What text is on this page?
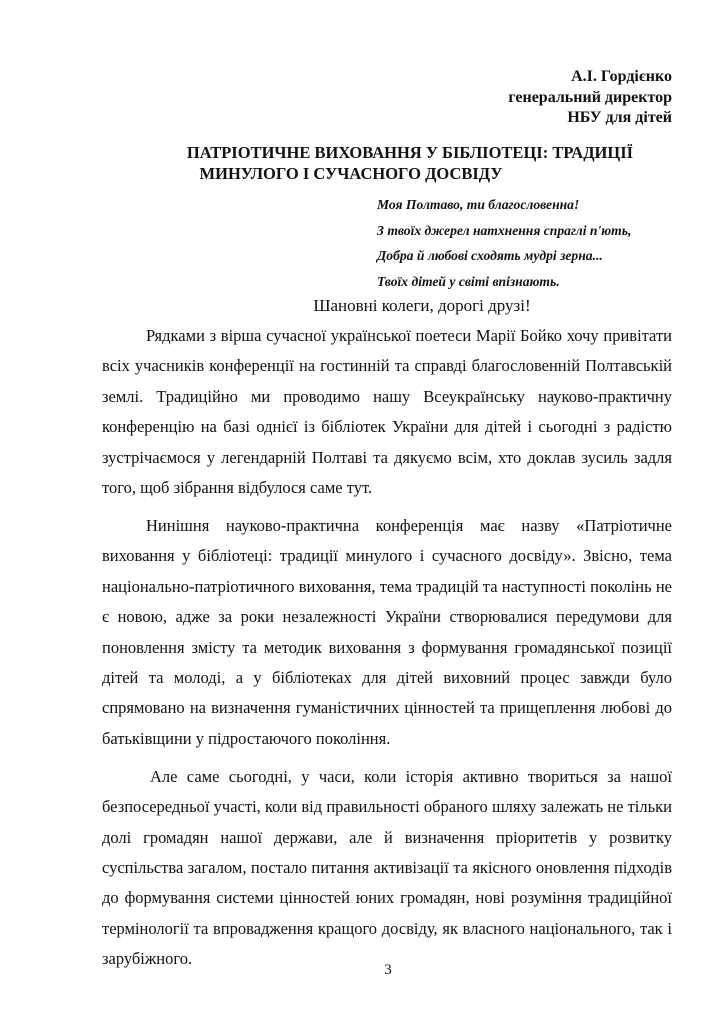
А.І. Гордієнко
генеральний директор
НБУ для дітей
ПАТРІОТИЧНЕ ВИХОВАННЯ У БІБЛІОТЕЦІ: ТРАДИЦІЇ
МИНУЛОГО І СУЧАСНОГО ДОСВІДУ
Моя Полтаво, ти благословенна!
З твоїх джерел натхнення спраглі п'ють,
Добра й любові сходять мудрі зерна...
Твоїх дітей у світі впізнають.
Шановні колеги, дорогі друзі!

Рядками з вірша сучасної української поетеси Марії Бойко хочу привітати всіх учасників конференції на гостинній та справді благословенній Полтавській землі. Традиційно ми проводимо нашу Всеукраїнську науково-практичну конференцію на базі однієї із бібліотек України для дітей і сьогодні з радістю зустрічаємося у легендарній Полтаві та дякуємо всім, хто доклав зусиль задля того, щоб зібрання відбулося саме тут.

Нинішня науково-практична конференція має назву «Патріотичне виховання у бібліотеці: традиції минулого і сучасного досвіду». Звісно, тема національно-патріотичного виховання, тема традицій та наступності поколінь не є новою, адже за роки незалежності України створювалися передумови для поновлення змісту та методик виховання з формування громадянської позиції дітей та молоді, а у бібліотеках для дітей виховний процес завжди було спрямовано на визначення гуманістичних цінностей та прищеплення любові до батьківщини у підростаючого покоління.

Але саме сьогодні, у часи, коли історія активно твориться за нашої безпосередньої участі, коли від правильності обраного шляху залежать не тільки долі громадян нашої держави, але й визначення пріоритетів у розвитку суспільства загалом, постало питання активізації та якісного оновлення підходів до формування системи цінностей юних громадян, нові розуміння традиційної термінології та впровадження кращого досвіду, як власного національного, так і зарубіжного.

3
